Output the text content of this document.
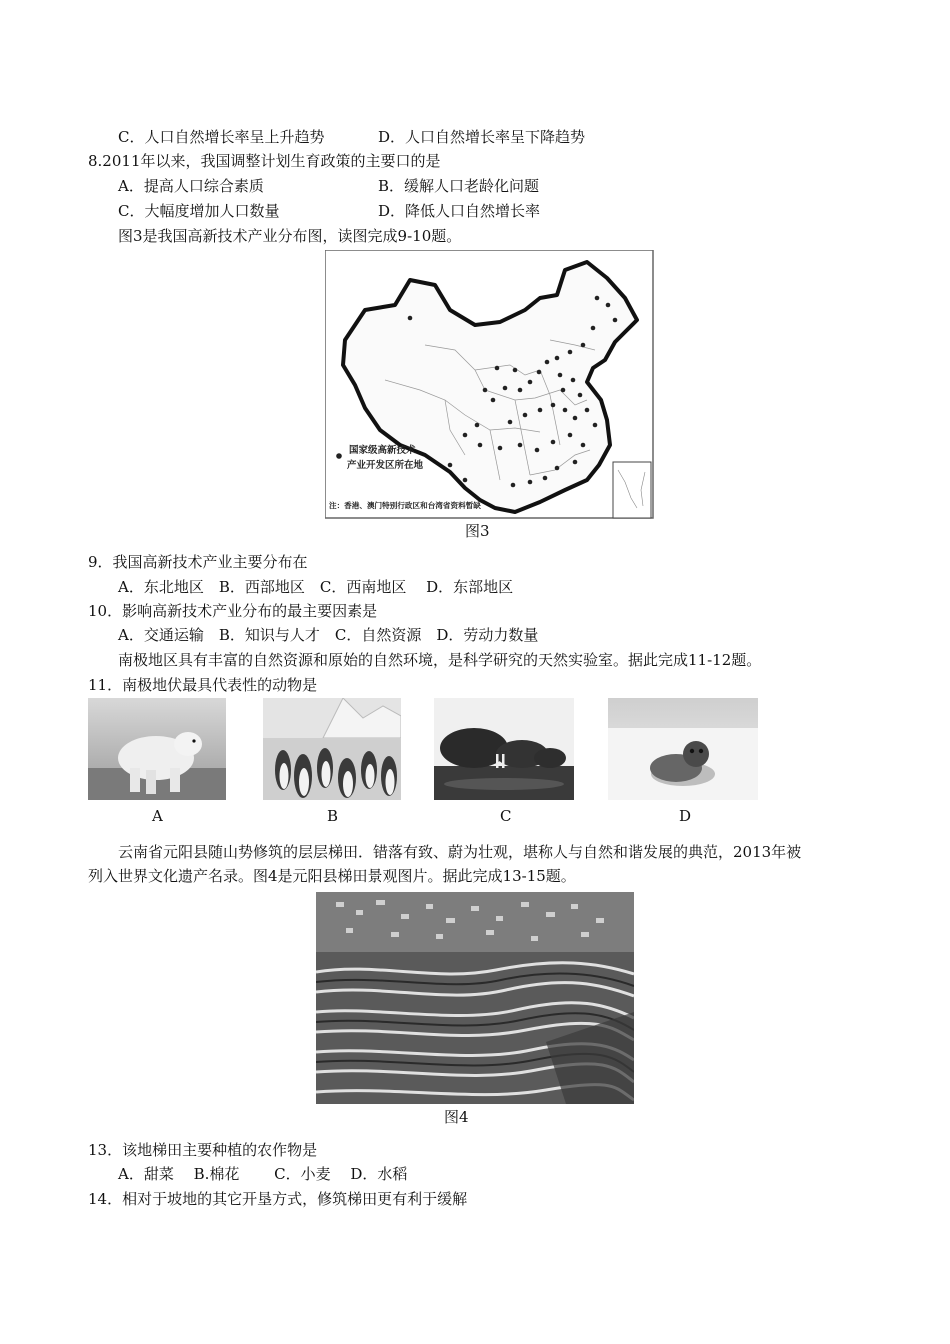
C．人口自然增长率呈上升趋势	D．人口自然增长率呈下降趋势
8.2011年以来，我国调整计划生育政策的主要口的是
A．提高人口综合素质	B．缓解人口老龄化问题
C．大幅度增加人口数量	D．降低人口自然增长率
图3是我国高新技术产业分布图，读图完成9-10题。
国家级高新技术
产业开发区所在地
注：香港、澳门特别行政区和台湾省资料暂缺
图3
9．我国高新技术产业主要分布在
A．东北地区　B．西部地区　C．西南地区　 D．东部地区
10．影响高新技术产业分布的最主要因素是
A．交通运输　B．知识与人才　C．自然资源　D．劳动力数量
南极地区具有丰富的自然资源和原始的自然环境，是科学研究的天然实验室。据此完成11-12题。
11．南极地伏最具代表性的动物是
A	B	C	D
云南省元阳县随山势修筑的层层梯田．错落有致、蔚为壮观，堪称人与自然和谐发展的典范，2013年被
列入世界文化遗产名录。图4是元阳县梯田景观图片。据此完成13-15题。
图4
13．该地梯田主要种植的农作物是
A．甜菜　 B.棉花　　 C．小麦　 D．水稻
14．相对于坡地的其它开垦方式，修筑梯田更有利于缓解
